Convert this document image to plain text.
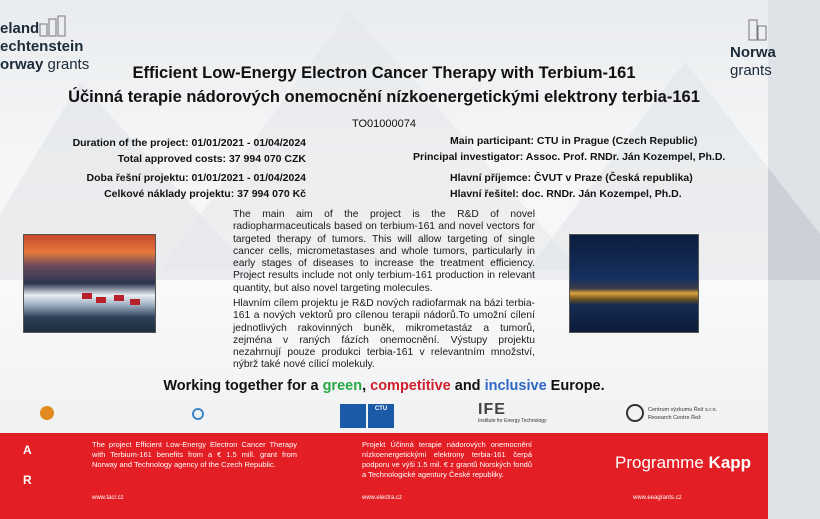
eland
echtenstein
orway grants
Norwa
grants
Efficient Low-Energy Electron Cancer Therapy with Terbium-161
Účinná terapie nádorových onemocnění nízkoenergetickými elektrony terbia-161
TO01000074
Duration of the project: 01/01/2021 - 01/04/2024
Total approved costs: 37 994 070 CZK
Doba řešní projektu: 01/01/2021 - 01/04/2024
Celkové náklady projektu: 37 994 070 Kč
Main participant: CTU in Prague (Czech Republic)
Principal investigator: Assoc. Prof. RNDr. Ján Kozempel, Ph.D.
Hlavní příjemce: ČVUT v Praze (Česká republika)
Hlavní řešitel: doc. RNDr. Ján Kozempel, Ph.D.
The main aim of the project is the R&D of novel radiopharmaceuticals based on terbium-161 and novel vectors for targeted therapy of tumors. This will allow targeting of single cancer cells, micrometastases and whole tumors, particularly in early stages of diseases to increase the treatment efficiency. Project results include not only terbium-161 production in relevant quantity, but also novel targeting molecules.
Hlavním cílem projektu je R&D nových radiofarmak na bázi terbia-161 a nových vektorů pro cílenou terapii nádorů.To umožní cílení jednotlivých rakovinných buněk, mikrometastáz a tumorů, zejména v raných fázích onemocnění. Výstupy projektu nezahrnují pouze produkci terbia-161 v relevantním množství, nýbrž také nové cílicí molekuly.
Working together for a green, competitive and inclusive Europe.
CTU	IFE
Institute for Energy Technology
Centrum výzkumu Řež s.r.o.
Research Centre Řež
A
R
The project Efficient Low-Energy Electron Cancer Therapy with Terbium-161 benefits from a € 1.5 mill. grant from Norway and Technology agency of the Czech Republic.
Projekt Účinná terapie nádorových onemocnění nízkoenergetickými elektrony terbia-161 čerpá podporu ve výši 1.5 mil. € z grantů Norských fondů a Technologické agentury České republiky.
www.tacr.cz	www.electra.cz	www.eeagrants.cz
Programme Kapp
